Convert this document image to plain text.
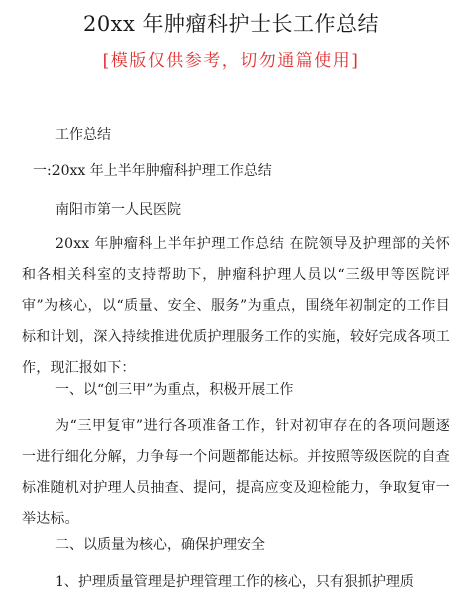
20xx 年肿瘤科护士长工作总结
[模版仅供参考，切勿通篇使用]
工作总结
一:20xx 年上半年肿瘤科护理工作总结
南阳市第一人民医院
20xx 年肿瘤科上半年护理工作总结 在院领导及护理部的关怀和各相关科室的支持帮助下，肿瘤科护理人员以“三级甲等医院评审”为核心，以“质量、安全、服务”为重点，围绕年初制定的工作目标和计划，深入持续推进优质护理服务工作的实施，较好完成各项工作，现汇报如下：
一、以“创三甲”为重点，积极开展工作
为“三甲复审”进行各项准备工作，针对初审存在的各项问题逐一进行细化分解，力争每一个问题都能达标。并按照等级医院的自查标准随机对护理人员抽查、提问，提高应变及迎检能力，争取复审一举达标。
二、以质量为核心，确保护理安全
1、护理质量管理是护理管理工作的核心，只有狠抓护理质
